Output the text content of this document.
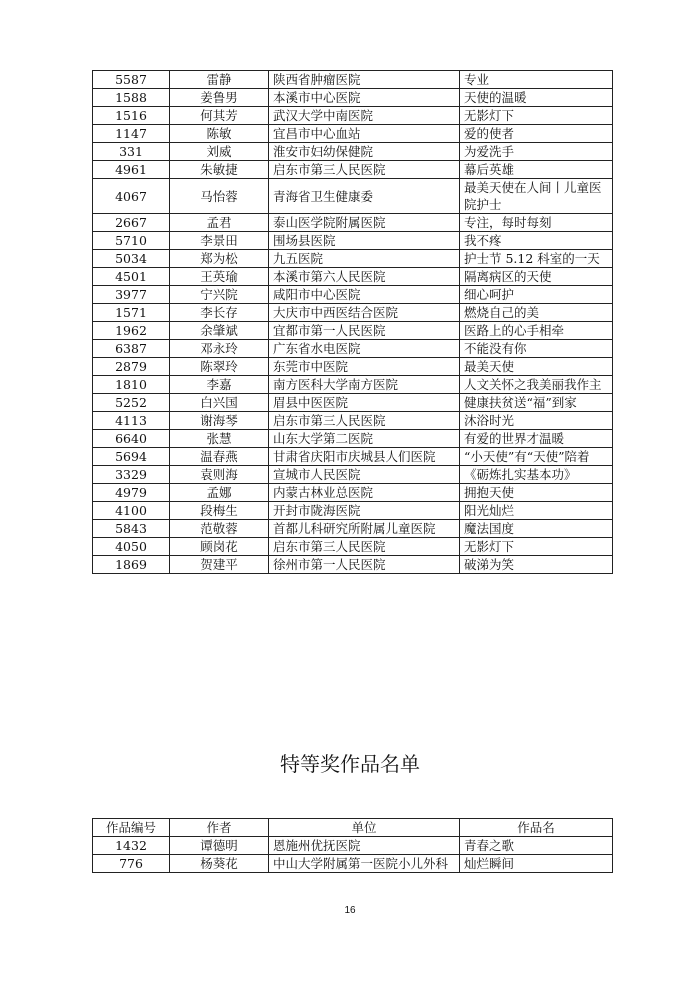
5587	雷静	陕西省肿瘤医院	专业
1588	姜鲁男	本溪市中心医院	天使的温暖
1516	何其芳	武汉大学中南医院	无影灯下
1147	陈敏	宜昌市中心血站	爱的使者
331	刘威	淮安市妇幼保健院	为爱洗手
4961	朱敏捷	启东市第三人民医院	幕后英雄
4067	马怡蓉	青海省卫生健康委	最美天使在人间丨儿童医院护士
2667	孟君	泰山医学院附属医院	专注，每时每刻
5710	李景田	围场县医院	我不疼
5034	郑为松	九五医院	护士节 5.12 科室的一天
4501	王英瑜	本溪市第六人民医院	隔离病区的天使
3977	宁兴院	咸阳市中心医院	细心呵护
1571	李长存	大庆市中西医结合医院	燃烧自己的美
1962	余肇斌	宜都市第一人民医院	医路上的心手相牵
6387	邓永玲	广东省水电医院	不能没有你
2879	陈翠玲	东莞市中医院	最美天使
1810	李嘉	南方医科大学南方医院	人文关怀之我美丽我作主
5252	白兴国	眉县中医医院	健康扶贫送“福”到家
4113	谢海琴	启东市第三人民医院	沐浴时光
6640	张慧	山东大学第二医院	有爱的世界才温暖
5694	温春燕	甘肃省庆阳市庆城县人们医院	“小天使”有“天使”陪着
3329	袁则海	宣城市人民医院	《砺炼扎实基本功》
4979	孟娜	内蒙古林业总医院	拥抱天使
4100	段梅生	开封市陇海医院	阳光灿烂
5843	范敬蓉	首都儿科研究所附属儿童医院	魔法国度
4050	顾岗花	启东市第三人民医院	无影灯下
1869	贺建平	徐州市第一人民医院	破涕为笑
特等奖作品名单
作品编号	作者	单位	作品名
1432	谭德明	恩施州优抚医院	青春之歌
776	杨葵花	中山大学附属第一医院小儿外科	灿烂瞬间
16
